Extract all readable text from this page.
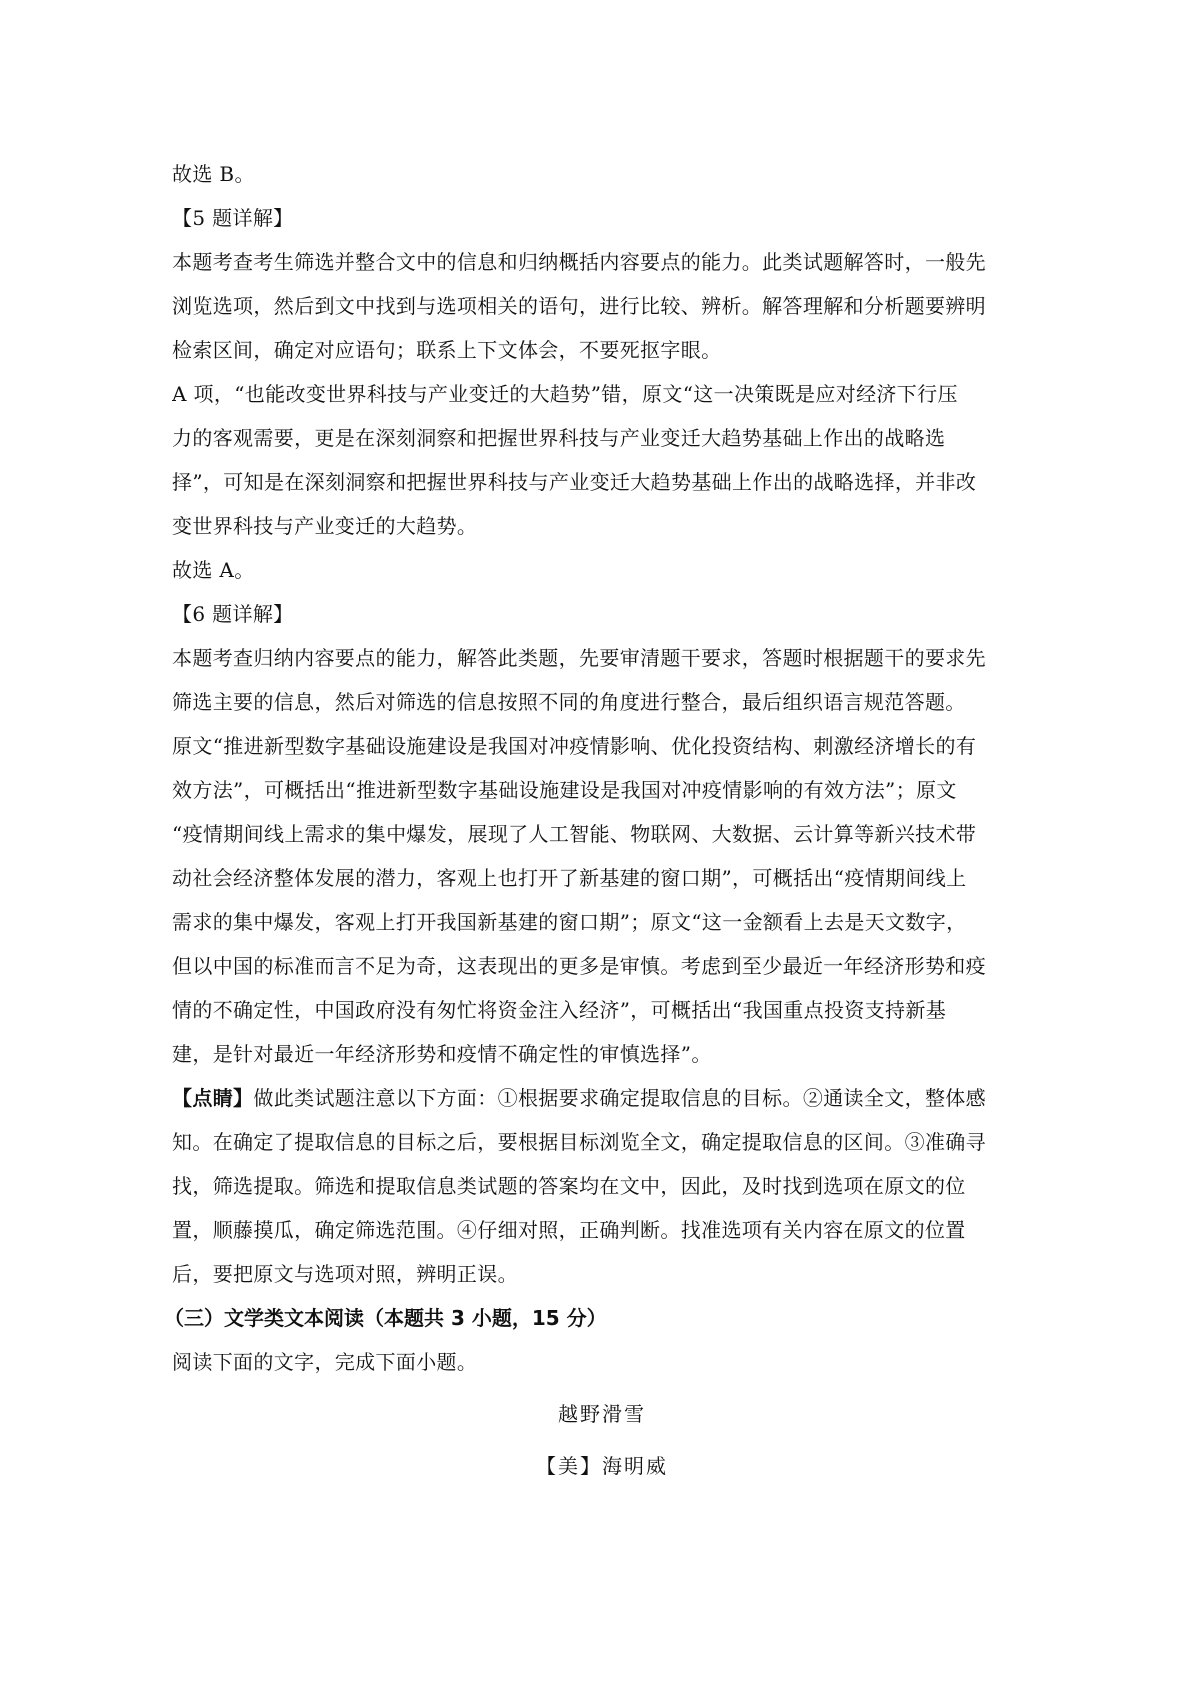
故选 B。
【5 题详解】
本题考查考生筛选并整合文中的信息和归纳概括内容要点的能力。此类试题解答时，一般先
浏览选项，然后到文中找到与选项相关的语句，进行比较、辨析。解答理解和分析题要辨明
检索区间，确定对应语句；联系上下文体会，不要死抠字眼。
A 项，“也能改变世界科技与产业变迁的大趋势”错，原文“这一决策既是应对经济下行压
力的客观需要，更是在深刻洞察和把握世界科技与产业变迁大趋势基础上作出的战略选
择”，可知是在深刻洞察和把握世界科技与产业变迁大趋势基础上作出的战略选择，并非改
变世界科技与产业变迁的大趋势。
故选 A。
【6 题详解】
本题考查归纳内容要点的能力，解答此类题，先要审清题干要求，答题时根据题干的要求先
筛选主要的信息，然后对筛选的信息按照不同的角度进行整合，最后组织语言规范答题。
原文“推进新型数字基础设施建设是我国对冲疫情影响、优化投资结构、刺激经济增长的有
效方法”，可概括出“推进新型数字基础设施建设是我国对冲疫情影响的有效方法”；原文
“疫情期间线上需求的集中爆发，展现了人工智能、物联网、大数据、云计算等新兴技术带
动社会经济整体发展的潜力，客观上也打开了新基建的窗口期”，可概括出“疫情期间线上
需求的集中爆发，客观上打开我国新基建的窗口期”；原文“这一金额看上去是天文数字，
但以中国的标准而言不足为奇，这表现出的更多是审慎。考虑到至少最近一年经济形势和疫
情的不确定性，中国政府没有匆忙将资金注入经济”，可概括出“我国重点投资支持新基
建，是针对最近一年经济形势和疫情不确定性的审慎选择”。
【点睛】做此类试题注意以下方面：①根据要求确定提取信息的目标。②通读全文，整体感
知。在确定了提取信息的目标之后，要根据目标浏览全文，确定提取信息的区间。③准确寻
找，筛选提取。筛选和提取信息类试题的答案均在文中，因此，及时找到选项在原文的位
置，顺藤摸瓜，确定筛选范围。④仔细对照，正确判断。找准选项有关内容在原文的位置
后，要把原文与选项对照，辨明正误。
（三）文学类文本阅读（本题共 3 小题，15 分）
阅读下面的文字，完成下面小题。
越野滑雪
【美】海明威
